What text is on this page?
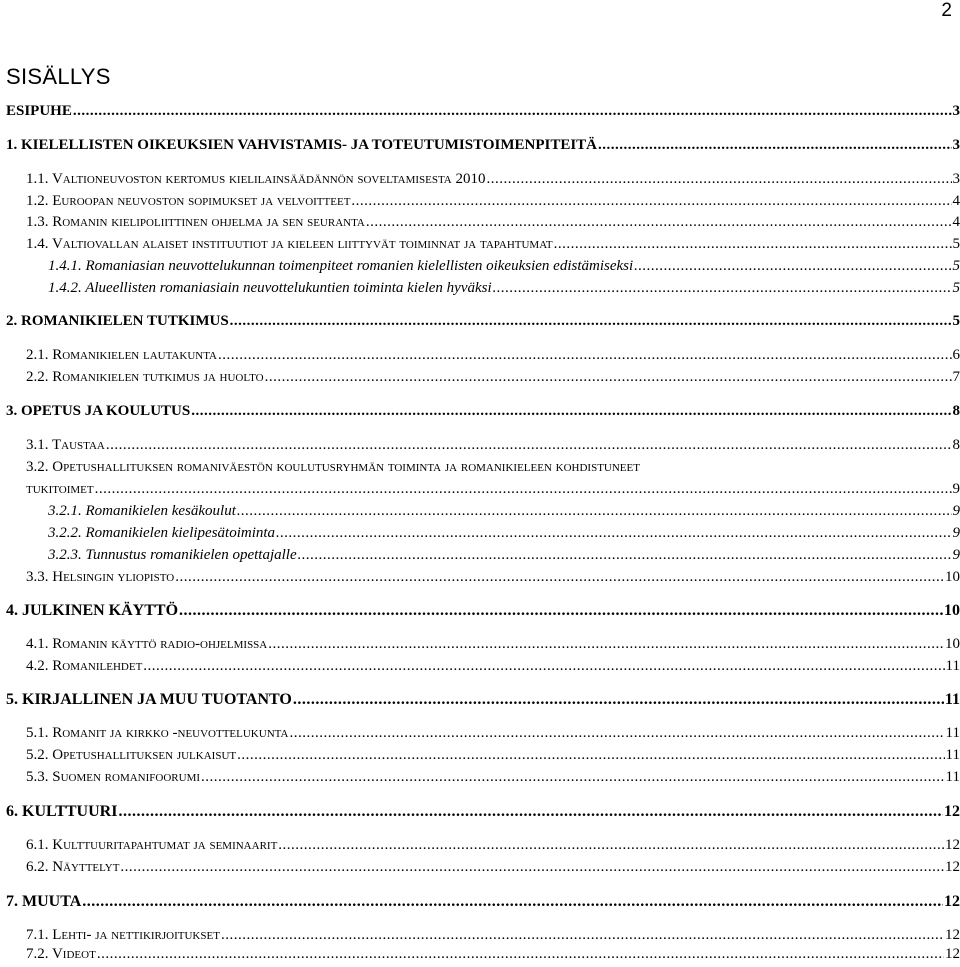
2
SISÄLLYS
ESIPUHE .....	3
1. KIELELLISTEN OIKEUKSIEN VAHVISTAMIS- JA TOTEUTUMISTOIMENPITEITÄ .....	3
1.1. Valtioneuvoston kertomus kielilainsäädännön soveltamisesta 2010 .....	3
1.2. Euroopan neuvoston sopimukset ja velvoitteet .....	4
1.3. Romanin kielipoliittinen ohjelma ja sen seuranta .....	4
1.4. Valtiovallan alaiset instituutiot ja kieleen liittyvät toiminnat ja tapahtumat .....	5
1.4.1. Romaniasian neuvottelukunnan toimenpiteet romanien kielellisten oikeuksien edistämiseksi .....	5
1.4.2. Alueellisten romaniasiain neuvottelukuntien toiminta kielen hyväksi .....	5
2. ROMANIKIELEN TUTKIMUS .....	5
2.1. Romanikielen lautakunta .....	6
2.2. Romanikielen tutkimus ja huolto .....	7
3. OPETUS JA KOULUTUS .....	8
3.1. Taustaa .....	8
3.2. Opetushallituksen romaniväestön koulutusryhmän toiminta ja romanikieleen kohdistuneet
tukitoimet .....	9
3.2.1. Romanikielen kesäkoulut .....	9
3.2.2. Romanikielen kielipesätoiminta .....	9
3.2.3. Tunnustus romanikielen opettajalle .....	9
3.3. Helsingin yliopisto .....	10
4. JULKINEN KÄYTTÖ .....	10
4.1. Romanin käyttö radio-ohjelmissa .....	10
4.2. Romanilehdet .....	11
5. KIRJALLINEN JA MUU TUOTANTO .....	11
5.1. Romanit ja kirkko -neuvottelukunta .....	11
5.2. Opetushallituksen julkaisut .....	11
5.3. Suomen romanifoorumi .....	11
6. KULTTUURI .....	12
6.1. Kulttuuritapahtumat ja seminaarit .....	12
6.2. Näyttelyt .....	12
7. MUUTA .....	12
7.1. Lehti- ja nettikirjoitukset .....	12
7.2. Videot .....	12
